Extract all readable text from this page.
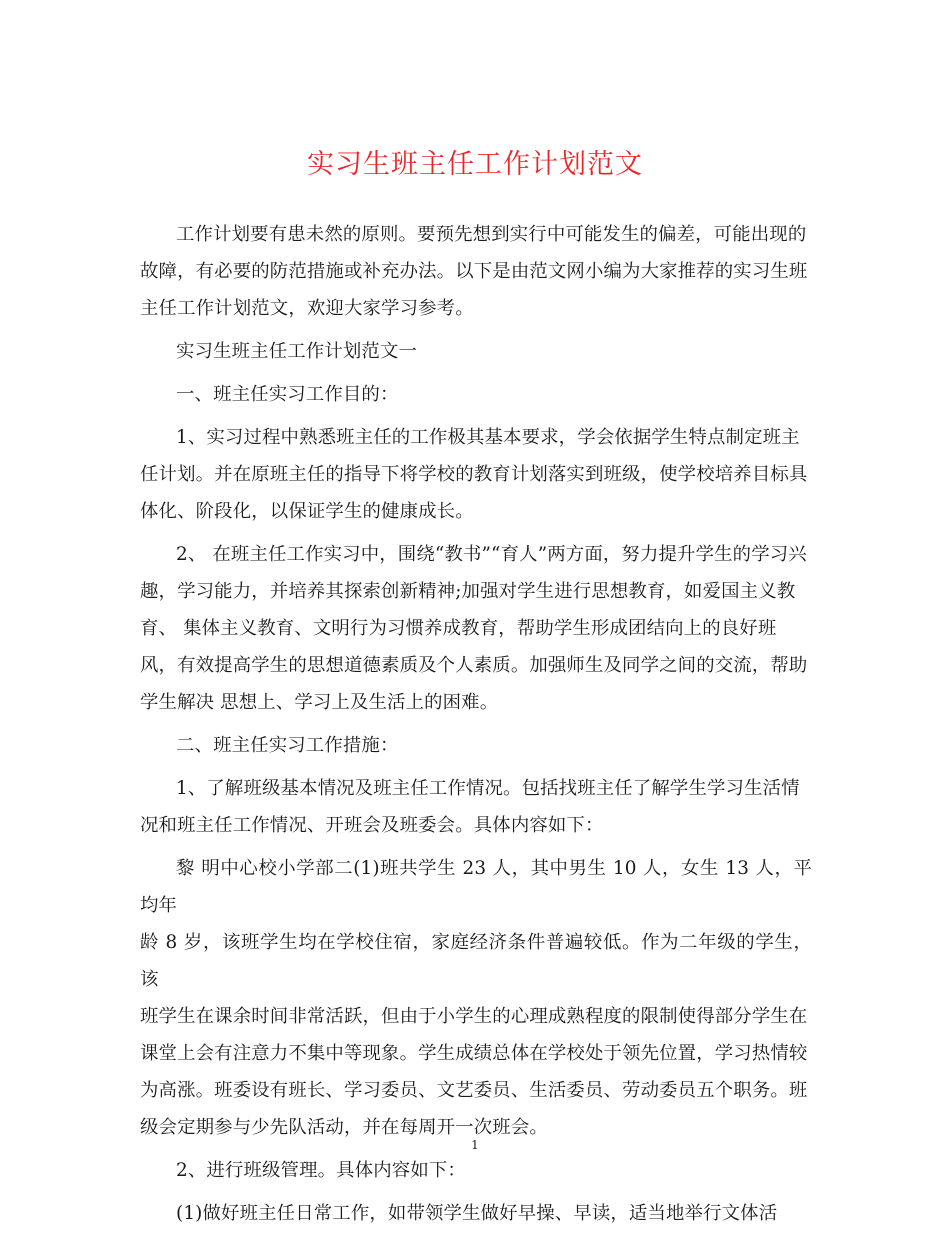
实习生班主任工作计划范文

工作计划要有患未然的原则。要预先想到实行中可能发生的偏差，可能出现的
故障，有必要的防范措施或补充办法。以下是由范文网小编为大家推荐的实习生班
主任工作计划范文，欢迎大家学习参考。

实习生班主任工作计划范文一

一、班主任实习工作目的：

1、实习过程中熟悉班主任的工作极其基本要求，学会依据学生特点制定班主
任计划。并在原班主任的指导下将学校的教育计划落实到班级，使学校培养目标具
体化、阶段化，以保证学生的健康成长。

2、 在班主任工作实习中，围绕“教书”“育人”两方面，努力提升学生的学习兴
趣，学习能力，并培养其探索创新精神;加强对学生进行思想教育，如爱国主义教
育、 集体主义教育、文明行为习惯养成教育，帮助学生形成团结向上的良好班
风，有效提高学生的思想道德素质及个人素质。加强师生及同学之间的交流，帮助
学生解决 思想上、学习上及生活上的困难。

二、班主任实习工作措施：

1、了解班级基本情况及班主任工作情况。包括找班主任了解学生学习生活情
况和班主任工作情况、开班会及班委会。具体内容如下：

黎 明中心校小学部二(1)班共学生 23 人，其中男生 10 人，女生 13 人，平均年
龄 8 岁，该班学生均在学校住宿，家庭经济条件普遍较低。作为二年级的学生，该
班学生在课余时间非常活跃，但由于小学生的心理成熟程度的限制使得部分学生在
课堂上会有注意力不集中等现象。学生成绩总体在学校处于领先位置，学习热情较
为高涨。班委设有班长、学习委员、文艺委员、生活委员、劳动委员五个职务。班
级会定期参与少先队活动，并在每周开一次班会。

2、进行班级管理。具体内容如下：

(1)做好班主任日常工作，如带领学生做好早操、早读，适当地举行文体活

1
